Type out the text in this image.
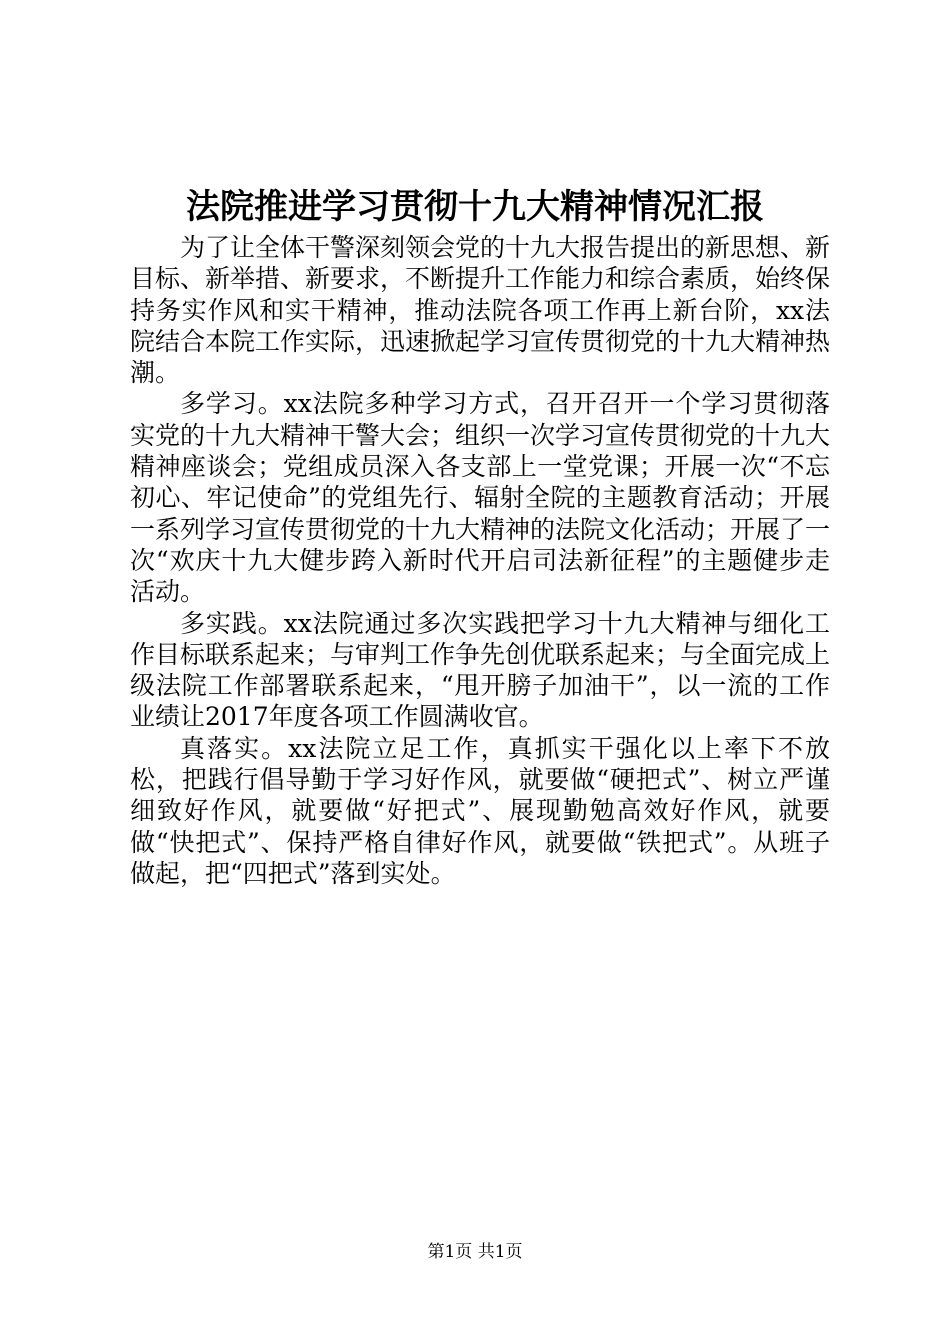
法院推进学习贯彻十九大精神情况汇报

为了让全体干警深刻领会党的十九大报告提出的新思想、新目标、新举措、新要求，不断提升工作能力和综合素质，始终保持务实作风和实干精神，推动法院各项工作再上新台阶，xx法院结合本院工作实际，迅速掀起学习宣传贯彻党的十九大精神热潮。

多学习。xx法院多种学习方式，召开召开一个学习贯彻落实党的十九大精神干警大会；组织一次学习宣传贯彻党的十九大精神座谈会；党组成员深入各支部上一堂党课；开展一次“不忘初心、牢记使命”的党组先行、辐射全院的主题教育活动；开展一系列学习宣传贯彻党的十九大精神的法院文化活动；开展了一次“欢庆十九大健步跨入新时代开启司法新征程”的主题健步走活动。

多实践。xx法院通过多次实践把学习十九大精神与细化工作目标联系起来；与审判工作争先创优联系起来；与全面完成上级法院工作部署联系起来，“甩开膀子加油干”，以一流的工作业绩让2017年度各项工作圆满收官。

真落实。xx法院立足工作，真抓实干强化以上率下不放松，把践行倡导勤于学习好作风，就要做“硬把式”、树立严谨细致好作风，就要做“好把式”、展现勤勉高效好作风，就要做“快把式”、保持严格自律好作风，就要做“铁把式”。从班子做起，把“四把式”落到实处。

第1页 共1页
